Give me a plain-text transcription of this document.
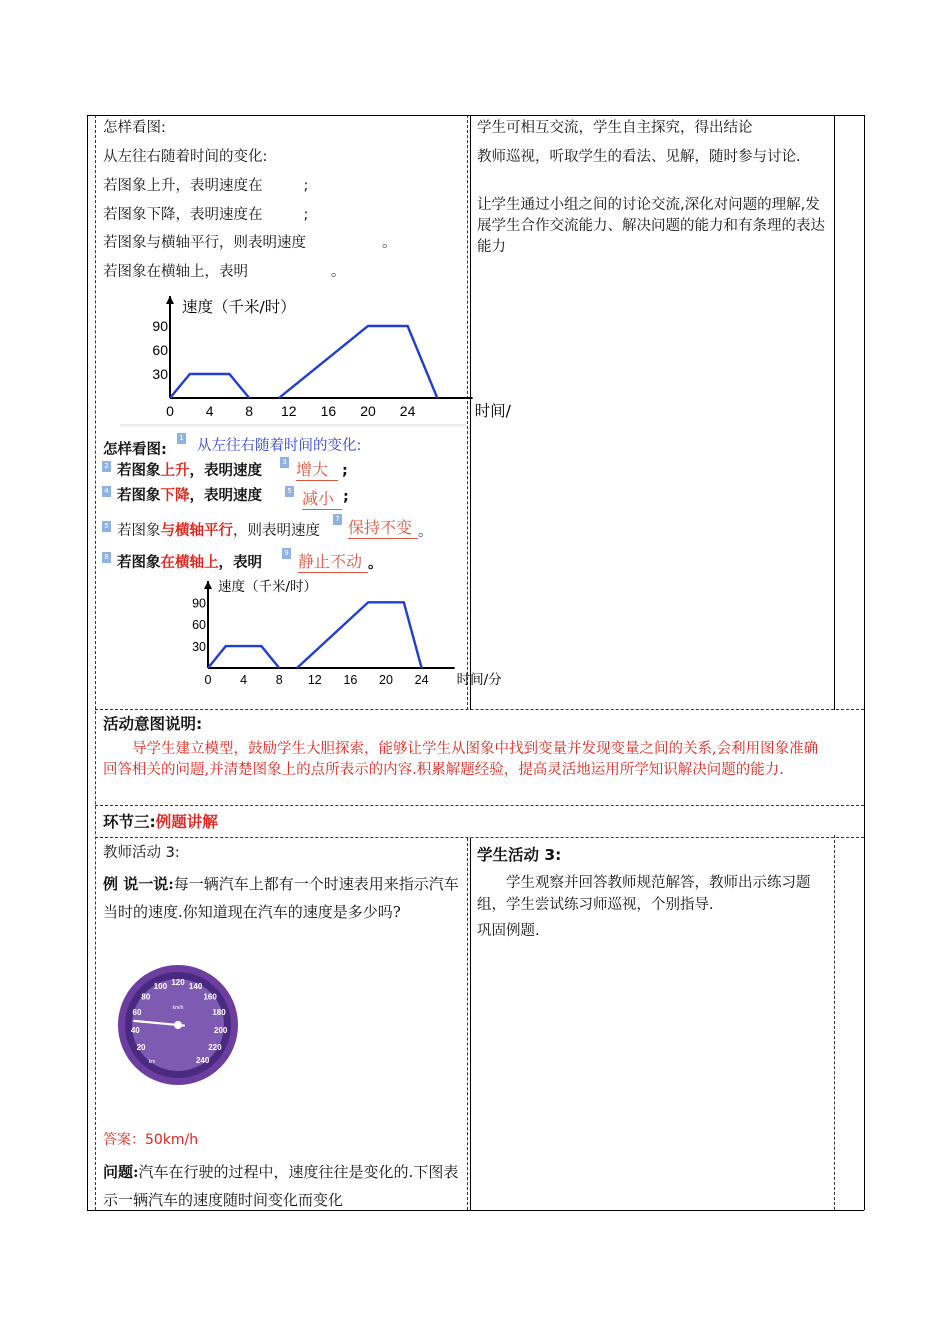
怎样看图:
从左往右随着时间的变化:
若图象上升，表明速度在	;
若图象下降，表明速度在	;
若图象与横轴平行，则表明速度	。
若图象在横轴上，表明	。
0 4 8 12 16 20 24
30
60
90
速度（千米/时）
时间/
1
怎样看图: 从左往右随着时间的变化:
2 若图象上升，表明速度
3 增大 ;
4 若图象下降，表明速度	5 减小 ;
5 若图象与横轴平行，则表明速度
7 保持不变 。
8 若图象在横轴上，表明
9 静止不动 。
0 4 8 12 16 20 24
30
60
90
速度（千米/时）
时间/分
学生可相互交流，学生自主探究，得出结论
教师巡视，听取学生的看法、见解，随时参与讨论.
让学生通过小组之间的讨论交流,深化对问题的理解,发展学生合作交流能力、解决问题的能力和有条理的表达能力
活动意图说明:
导学生建立模型，鼓励学生大胆探索，能够让学生从图象中找到变量并发现变量之间的关系,会利用图象准确回答相关的问题,并清楚图象上的点所表示的内容.积累解题经验，提高灵活地运用所学知识解决问题的能力.
环节三:例题讲解
教师活动 3:
例 说一说:每一辆汽车上都有一个时速表用来指示汽车当时的速度.你知道现在汽车的速度是多少吗?
20
40
60
80
100 120 140
160
180
200
220
240
km/h
km
答案：50km/h
问题:汽车在行驶的过程中，速度往往是变化的.下图表示一辆汽车的速度随时间变化而变化
学生活动 3:
学生观察并回答教师规范解答，教师出示练习题组，学生尝试练习师巡视，个别指导.
巩固例题.
